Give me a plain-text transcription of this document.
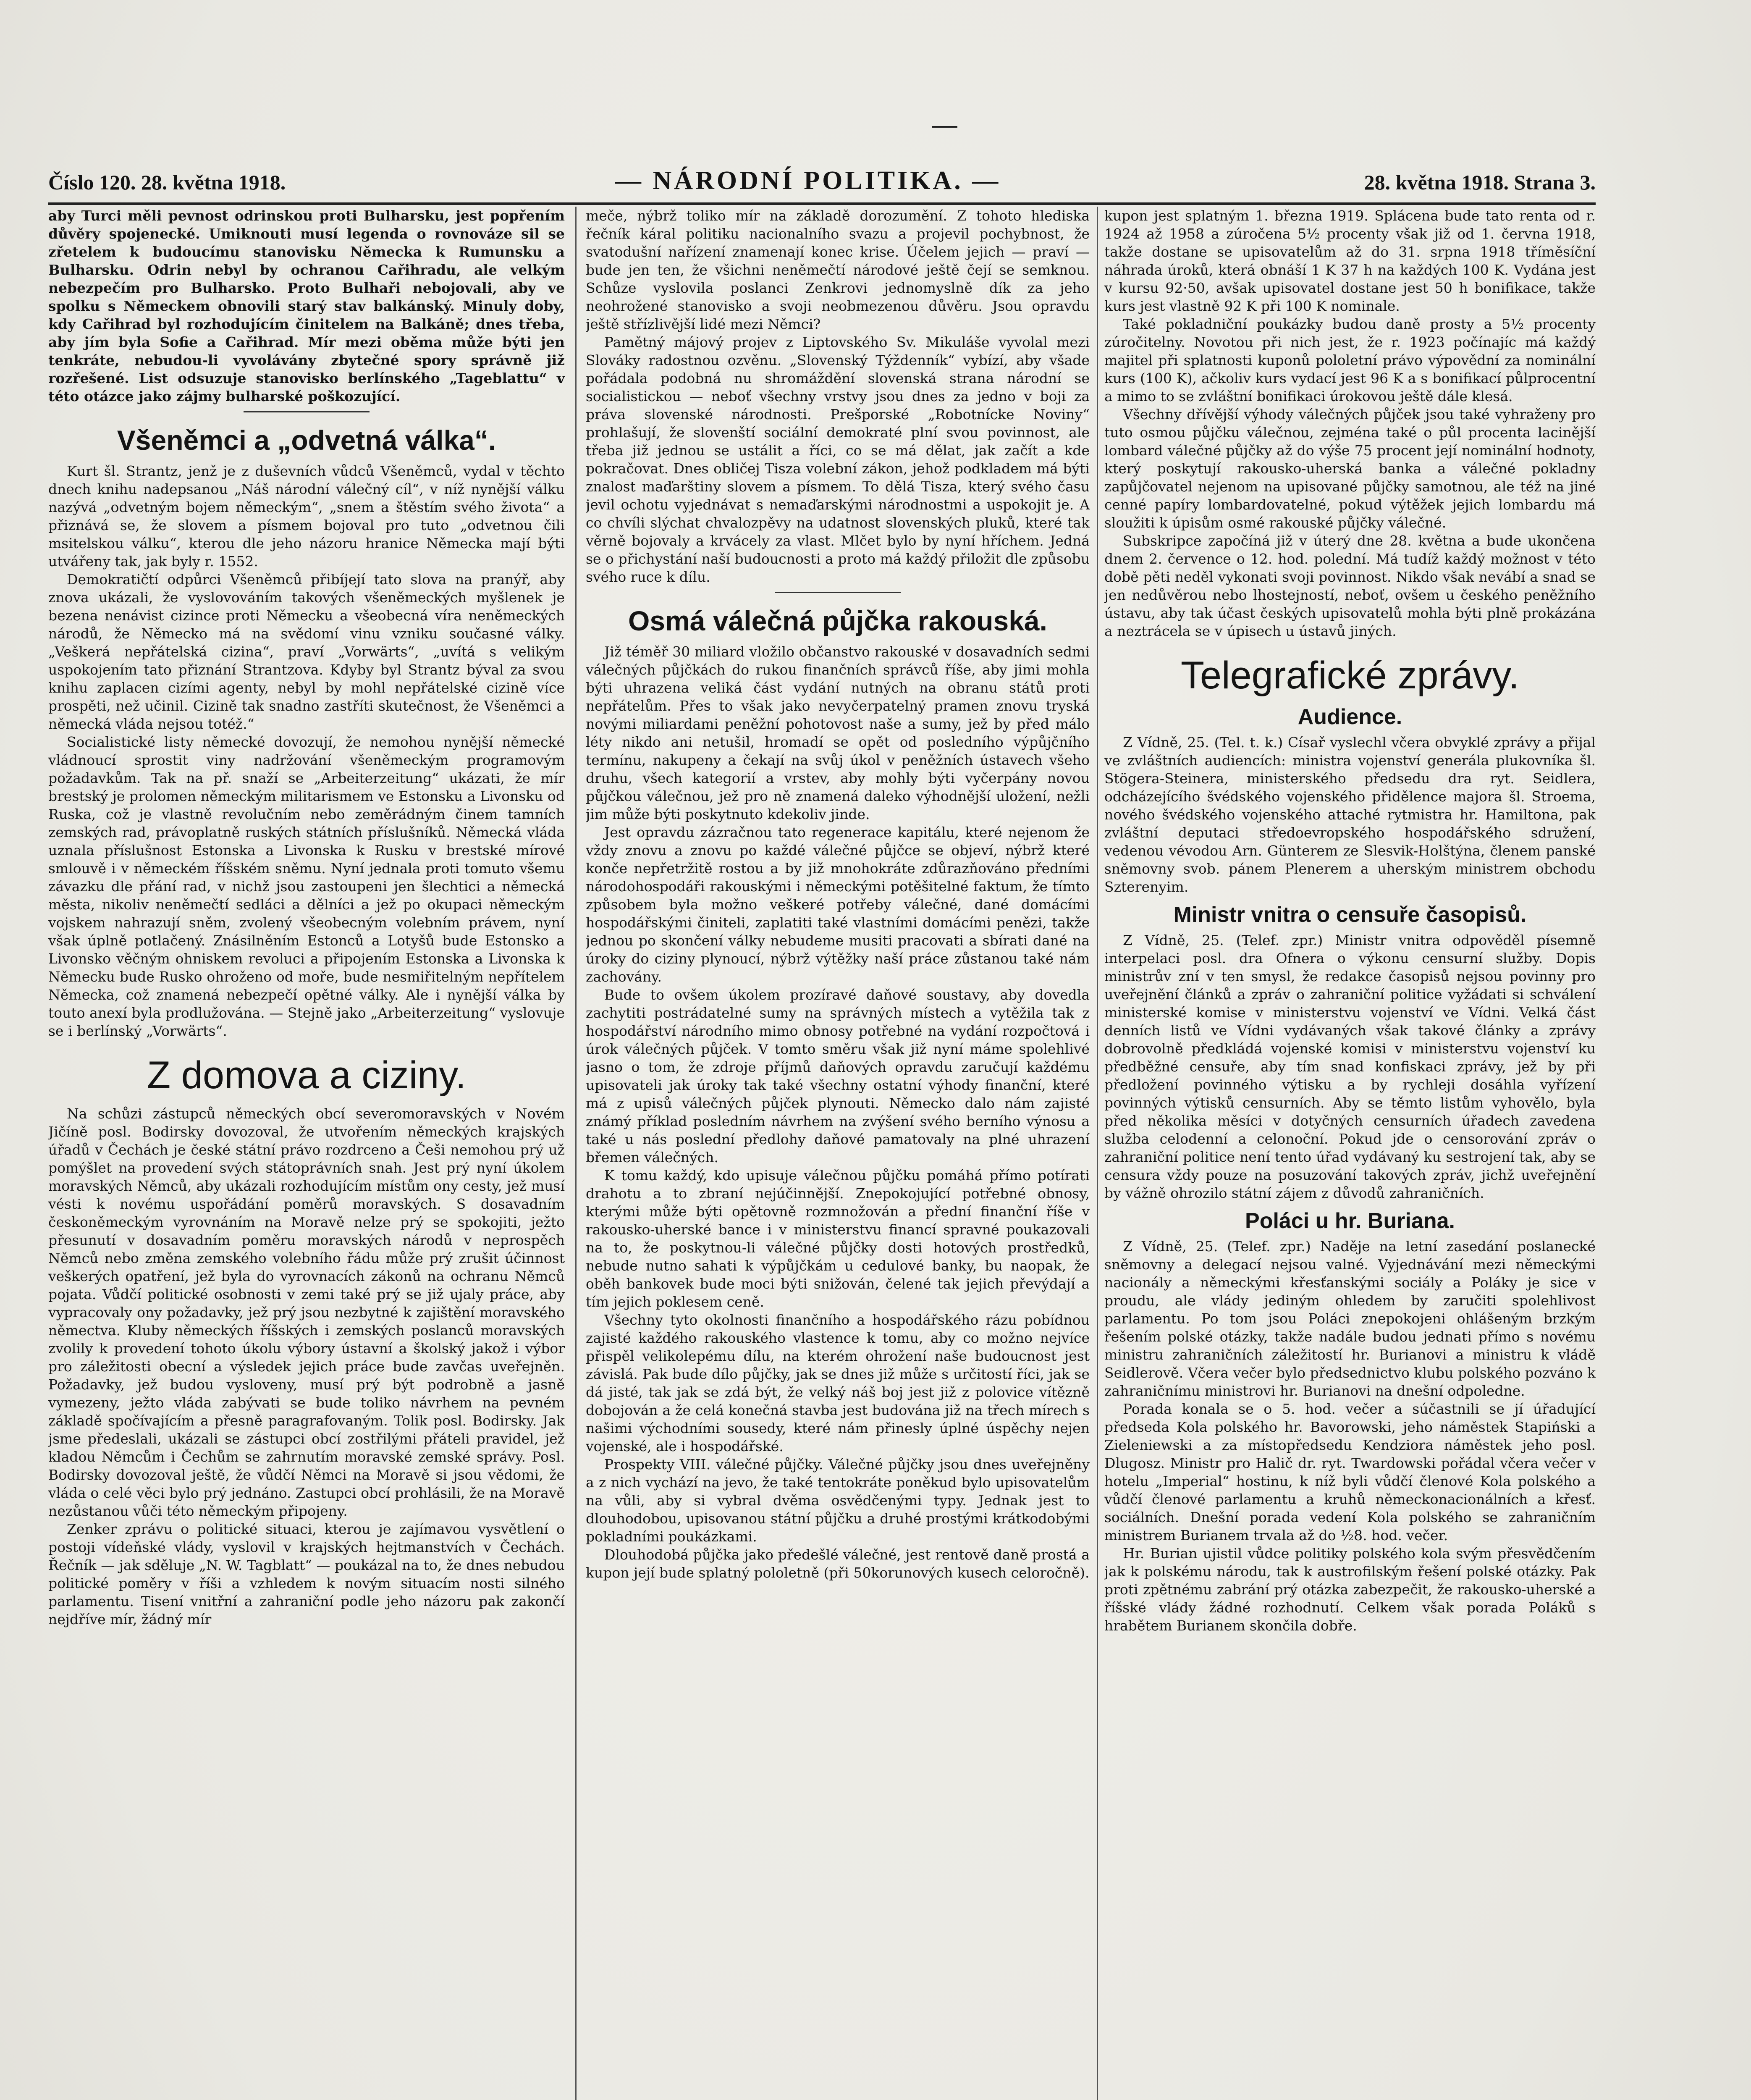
Číslo 120. 28. května 1918.	— NÁRODNÍ POLITIKA. —	28. května 1918. Strana 3.

aby Turci měli pevnost odrinskou proti Bulharsku, jest popřením důvěry spojenecké. Umiknouti musí legenda o rovnováze sil se zřetelem k budoucímu stanovisku Německa k Rumunsku a Bulharsku. Odrin nebyl by ochranou Cařihradu, ale velkým nebezpečím pro Bulharsko. Proto Bulhaři nebojovali, aby ve spolku s Německem obnovili starý stav balkánský. Minuly doby, kdy Cařihrad byl rozhodujícím činitelem na Balkáně; dnes třeba, aby jím byla Sofie a Cařihrad. Mír mezi oběma může býti jen tenkráte, nebudou-li vyvolávány zbytečné spory správně již rozřešené. List odsuzuje stanovisko berlínského „Tageblattu“ v této otázce jako zájmy bulharské poškozující.

Všeněmci a „odvetná válka“.

Kurt šl. Strantz, jenž je z duševních vůdců Všeněmců, vydal v těchto dnech knihu nadepsanou „Náš národní válečný cíl“, v níž nynější válku nazývá „odvetným bojem německým“, „snem a štěstím svého života“ a přiznává se, že slovem a písmem bojoval pro tuto „odvetnou čili msitelskou válku“, kterou dle jeho názoru hranice Německa mají býti utvářeny tak, jak byly r. 1552.

Demokratičtí odpůrci Všeněmců přibíjejí tato slova na pranýř, aby znova ukázali, že vyslovováním takových všeněmeckých myšlenek je bezena nenávist cizince proti Německu a všeobecná víra neněmeckých národů, že Německo má na svědomí vinu vzniku současné války. „Veškerá nepřátelská cizina“, praví „Vorwärts“, „uvítá s velikým uspokojením tato přiznání Strantzova. Kdyby byl Strantz býval za svou knihu zaplacen cizími agenty, nebyl by mohl nepřátelské cizině více prospěti, než učinil. Cizině tak snadno zastříti skutečnost, že Všeněmci a německá vláda nejsou totéž.“

Socialistické listy německé dovozují, že nemohou nynější německé vládnoucí sprostit viny nadržování všeněmeckým programovým požadavkům. Tak na př. snaží se „Arbeiterzeitung“ ukázati, že mír brestský je prolomen německým militarismem ve Estonsku a Livonsku od Ruska, což je vlastně revolučním nebo zeměrádným činem tamních zemských rad, právoplatně ruských státních příslušníků. Německá vláda uznala příslušnost Estonska a Livonska k Rusku v brestské mírové smlouvě i v německém říšském sněmu. Nyní jednala proti tomuto všemu závazku dle přání rad, v nichž jsou zastoupeni jen šlechtici a německá města, nikoliv neněmečtí sedláci a dělníci a jež po okupaci německým vojskem nahrazují sněm, zvolený všeobecným volebním právem, nyní však úplně potlačený. Znásilněním Estonců a Lotyšů bude Estonsko a Livonsko věčným ohniskem revoluci a připojením Estonska a Livonska k Německu bude Rusko ohroženo od moře, bude nesmiřitelným nepřítelem Německa, což znamená nebezpečí opětné války. Ale i nynější válka by touto anexí byla prodlužována. — Stejně jako „Arbeiterzeitung“ vyslovuje se i berlínský „Vorwärts“.

Z domova a ciziny.

Na schůzi zástupců německých obcí severomoravských v Novém Jičíně posl. Bodirsky dovozoval, že utvořením německých krajských úřadů v Čechách je české státní právo rozdrceno a Češi nemohou prý už pomýšlet na provedení svých státoprávních snah. Jest prý nyní úkolem moravských Němců, aby ukázali rozhodujícím místům ony cesty, jež musí vésti k novému uspořádání poměrů moravských. S dosavadním českoněmeckým vyrovnáním na Moravě nelze prý se spokojiti, ježto přesunutí v dosavadním poměru moravských národů v neprospěch Němců nebo změna zemského volebního řádu může prý zrušit účinnost veškerých opatření, jež byla do vyrovnacích zákonů na ochranu Němců pojata. Vůdčí politické osobnosti v zemi také prý se již ujaly práce, aby vypracovaly ony požadavky, jež prý jsou nezbytné k zajištění moravského němectva. Kluby německých říšských i zemských poslanců moravských zvolily k provedení tohoto úkolu výbory ústavní a školský jakož i výbor pro záležitosti obecní a výsledek jejich práce bude zavčas uveřejněn. Požadavky, jež budou vysloveny, musí prý být podrobně a jasně vymezeny, ježto vláda zabývati se bude toliko návrhem na pevném základě spočívajícím a přesně paragrafovaným. Tolik posl. Bodirsky. Jak jsme předeslali, ukázali se zástupci obcí zostřilými přáteli pravidel, jež kladou Němcům i Čechům se zahrnutím moravské zemské správy. Posl. Bodirsky dovozoval ještě, že vůdčí Němci na Moravě si jsou vědomi, že vláda o celé věci bylo prý jednáno. Zastupci obcí prohlásili, že na Moravě nezůstanou vůči této německým připojeny.

Zenker zprávu o politické situaci, kterou je zajímavou vysvětlení o postoji vídeňské vlády, vyslovil v krajských hejtmanstvích v Čechách. Řečník — jak sděluje „N. W. Tagblatt“ — poukázal na to, že dnes nebudou politické poměry v říši a vzhledem k novým situacím nosti silného parlamentu. Tisení vnitřní a zahraniční podle jeho názoru pak zakončí nejdříve mír, žádný mír

meče, nýbrž toliko mír na základě dorozumění. Z tohoto hlediska řečník káral politiku nacionalního svazu a projevil pochybnost, že svatodušní nařízení znamenají konec krise. Účelem jejich — praví — bude jen ten, že všichni neněmečtí národové ještě čejí se semknou. Schůze vyslovila poslanci Zenkrovi jednomyslně dík za jeho neohrožené stanovisko a svoji neobmezenou důvěru. Jsou opravdu ještě střízlivější lidé mezi Němci?

Pamětný májový projev z Liptovského Sv. Mikuláše vyvolal mezi Slováky radostnou ozvěnu. „Slovenský Týždenník“ vybízí, aby všade pořádala podobná nu shromáždění slovenská strana národní se socialistickou — neboť všechny vrstvy jsou dnes za jedno v boji za práva slovenské národnosti. Prešporské „Robotnícke Noviny“ prohlašují, že slovenští sociální demokraté plní svou povinnost, ale třeba již jednou se ustálit a říci, co se má dělat, jak začít a kde pokračovat. Dnes obličej Tisza volební zákon, jehož podkladem má býti znalost maďarštiny slovem a písmem. To dělá Tisza, který svého času jevil ochotu vyjednávat s nemaďarskými národnostmi a uspokojit je. A co chvíli slýchat chvalozpěvy na udatnost slovenských pluků, které tak věrně bojovaly a krvácely za vlast. Mlčet bylo by nyní hříchem. Jedná se o přichystání naší budoucnosti a proto má každý přiložit dle způsobu svého ruce k dílu.

Osmá válečná půjčka rakouská.

Již téměř 30 miliard vložilo občanstvo rakouské v dosavadních sedmi válečných půjčkách do rukou finančních správců říše, aby jimi mohla býti uhrazena veliká část vydání nutných na obranu států proti nepřátelům. Přes to však jako nevyčerpatelný pramen znovu tryská novými miliardami peněžní pohotovost naše a sumy, jež by před málo léty nikdo ani netušil, hromadí se opět od posledního výpůjčního termínu, nakupeny a čekají na svůj úkol v peněžních ústavech všeho druhu, všech kategorií a vrstev, aby mohly býti vyčerpány novou půjčkou válečnou, jež pro ně znamená daleko výhodnější uložení, nežli jim může býti poskytnuto kdekoliv jinde.

Jest opravdu zázračnou tato regenerace kapitálu, které nejenom že vždy znovu a znovu po každé válečné půjčce se objeví, nýbrž které konče nepřetržitě rostou a by již mnohokráte zdůrazňováno předními národohospodáři rakouskými i německými potěšitelné faktum, že tímto způsobem byla možno veškeré potřeby válečné, dané domácími hospodářskými činiteli, zaplatiti také vlastními domácími penězi, takže jednou po skončení války nebudeme musiti pracovati a sbírati dané na úroky do ciziny plynoucí, nýbrž výtěžky naší práce zůstanou také nám zachovány.

Bude to ovšem úkolem prozíravé daňové soustavy, aby dovedla zachytiti postrádatelné sumy na správných místech a vytěžila tak z hospodářství národního mimo obnosy potřebné na vydání rozpočtová i úrok válečných půjček. V tomto směru však již nyní máme spolehlivé jasno o tom, že zdroje příjmů daňových opravdu zaručují každému upisovateli jak úroky tak také všechny ostatní výhody finanční, které má z upisů válečných půjček plynouti. Německo dalo nám zajisté známý příklad posledním návrhem na zvýšení svého berního výnosu a také u nás poslední předlohy daňové pamatovaly na plné uhrazení břemen válečných.

K tomu každý, kdo upisuje válečnou půjčku pomáhá přímo potírati drahotu a to zbraní nejúčinnější. Znepokojující potřebné obnosy, kterými může býti opětovně rozmnožován a přední finanční říše v rakousko-uherské bance i v ministerstvu financí spravné poukazovali na to, že poskytnou-li válečné půjčky dosti hotových prostředků, nebude nutno sahati k výpůjčkám u cedulové banky, bu naopak, že oběh bankovek bude moci býti snižován, čelené tak jejich převýdají a tím jejich poklesem ceně.

Všechny tyto okolnosti finančního a hospodářského rázu pobídnou zajisté každého rakouského vlastence k tomu, aby co možno nejvíce přispěl velikolepému dílu, na kterém ohrožení naše budoucnost jest závislá. Pak bude dílo půjčky, jak se dnes již může s určitostí říci, jak se dá jisté, tak jak se zdá být, že velký náš boj jest již z polovice vítězně dobojován a že celá konečná stavba jest budována již na třech mírech s našimi východními sousedy, které nám přinesly úplné úspěchy nejen vojenské, ale i hospodářské.

Prospekty VIII. válečné půjčky. Válečné půjčky jsou dnes uveřejněny a z nich vychází na jevo, že také tentokráte poněkud bylo upisovatelům na vůli, aby si vybral dvěma osvědčenými typy. Jednak jest to dlouhodobou, upisovanou státní půjčku a druhé prostými krátkodobými pokladními poukázkami.

Dlouhodobá půjčka jako předešlé válečné, jest rentově daně prostá a kupon její bude splatný pololetně (při 50korunových kusech celoročně).

kupon jest splatným 1. března 1919. Splácena bude tato renta od r. 1924 až 1958 a zúročena 5½ procenty však již od 1. června 1918, takže dostane se upisovatelům až do 31. srpna 1918 tříměsíční náhrada úroků, která obnáší 1 K 37 h na každých 100 K. Vydána jest v kursu 92·50, avšak upisovatel dostane jest 50 h bonifikace, takže kurs jest vlastně 92 K při 100 K nominale.

Také pokladniční poukázky budou daně prosty a 5½ procenty zúročitelny. Novotou při nich jest, že r. 1923 počínajíc má každý majitel při splatnosti kuponů pololetní právo výpovědní za nominální kurs (100 K), ačkoliv kurs vydací jest 96 K a s bonifikací půlprocentní a mimo to se zvláštní bonifikaci úrokovou ještě dále klesá.

Všechny dřívější výhody válečných půjček jsou také vyhraženy pro tuto osmou půjčku válečnou, zejména také o půl procenta lacinější lombard válečné půjčky až do výše 75 procent její nominální hodnoty, který poskytují rakousko-uherská banka a válečné pokladny zapůjčovatel nejenom na upisované půjčky samotnou, ale též na jiné cenné papíry lombardovatelné, pokud výtěžek jejich lombardu má sloužiti k úpisům osmé rakouské půjčky válečné.

Subskripce započíná již v úterý dne 28. května a bude ukončena dnem 2. července o 12. hod. polední. Má tudíž každý možnost v této době pěti neděl vykonati svoji povinnost. Nikdo však nevábí a snad se jen nedůvěrou nebo lhostejností, neboť, ovšem u českého peněžního ústavu, aby tak účast českých upisovatelů mohla býti plně prokázána a neztrácela se v úpisech u ústavů jiných.

Telegrafické zprávy.
Audience.

Z Vídně, 25. (Tel. t. k.) Císař vyslechl včera obvyklé zprávy a přijal ve zvláštních audiencích: ministra vojenství generála plukovníka šl. Stögera-Steinera, ministerského předsedu dra ryt. Seidlera, odcházejícího švédského vojenského přidělence majora šl. Stroema, nového švédského vojenského attaché rytmistra hr. Hamiltona, pak zvláštní deputaci středoevropského hospodářského sdružení, vedenou vévodou Arn. Günterem ze Slesvik-Holštýna, členem panské sněmovny svob. pánem Plenerem a uherským ministrem obchodu Szterenyim.

Ministr vnitra o censuře časopisů.

Z Vídně, 25. (Telef. zpr.) Ministr vnitra odpověděl písemně interpelaci posl. dra Ofnera o výkonu censurní služby. Dopis ministrův zní v ten smysl, že redakce časopisů nejsou povinny pro uveřejnění článků a zpráv o zahraniční politice vyžádati si schválení ministerské komise v ministerstvu vojenství ve Vídni. Velká část denních listů ve Vídni vydávaných však takové články a zprávy dobrovolně předkládá vojenské komisi v ministerstvu vojenství ku předběžné censuře, aby tím snad konfiskaci zprávy, jež by při předložení povinného výtisku a by rychleji dosáhla vyřízení povinných výtisků censurních. Aby se těmto listům vyhovělo, byla před několika měsíci v dotyčných censurních úřadech zavedena služba celodenní a celonoční. Pokud jde o censorování zpráv o zahraniční politice není tento úřad vydávaný ku sestrojení tak, aby se censura vždy pouze na posuzování takových zpráv, jichž uveřejnění by vážně ohrozilo státní zájem z důvodů zahraničních.

Poláci u hr. Buriana.

Z Vídně, 25. (Telef. zpr.) Naděje na letní zasedání poslanecké sněmovny a delegací nejsou valné. Vyjednávání mezi německými nacionály a německými křesťanskými sociály a Poláky je sice v proudu, ale vlády jediným ohledem by zaručiti spolehlivost parlamentu. Po tom jsou Poláci znepokojeni ohlášeným brzkým řešením polské otázky, takže nadále budou jednati přímo s novému ministru zahraničních záležitostí hr. Burianovi a ministru k vládě Seidlerově. Včera večer bylo předsednictvo klubu polského pozváno k zahraničnímu ministrovi hr. Burianovi na dnešní odpoledne.

Porada konala se o 5. hod. večer a súčastnili se jí úřadující předseda Kola polského hr. Bavorowski, jeho náměstek Stapiński a Zieleniewski a za místopředsedu Kendziora náměstek jeho posl. Dlugosz. Ministr pro Halič dr. ryt. Twardowski pořádal včera večer v hotelu „Imperial“ hostinu, k níž byli vůdčí členové Kola polského a vůdčí členové parlamentu a kruhů německonacionálních a křesť. sociálních. Dnešní porada vedení Kola polského se zahraničním ministrem Burianem trvala až do ½8. hod. večer.

Hr. Burian ujistil vůdce politiky polského kola svým přesvědčením jak k polskému národu, tak k austrofilským řešení polské otázky. Pak proti zpětnému zabrání prý otázka zabezpečit, že rakousko-uherské a říšské vlády žádné rozhodnutí. Celkem však porada Poláků s hrabětem Burianem skončila dobře.
